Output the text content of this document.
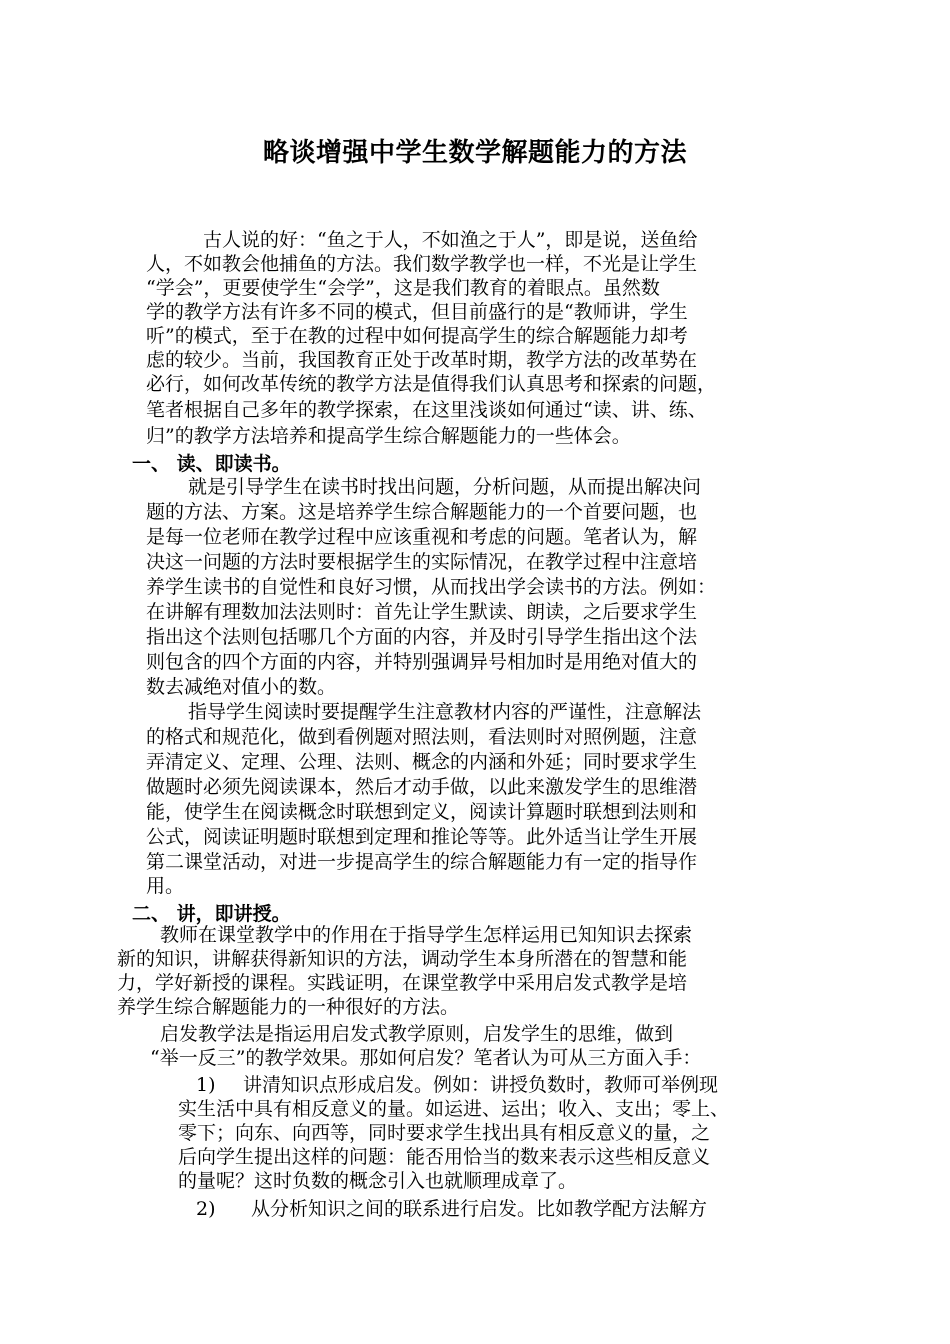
略谈增强中学生数学解题能力的方法
古人说的好：“鱼之于人，不如渔之于人”，即是说，送鱼给
人，不如教会他捕鱼的方法。我们数学教学也一样，不光是让学生
“学会”，更要使学生“会学”，这是我们教育的着眼点。虽然数
学的教学方法有许多不同的模式，但目前盛行的是“教师讲，学生
听”的模式，至于在教的过程中如何提高学生的综合解题能力却考
虑的较少。当前，我国教育正处于改革时期，教学方法的改革势在
必行，如何改革传统的教学方法是值得我们认真思考和探索的问题，
笔者根据自己多年的教学探索，在这里浅谈如何通过“读、讲、练、
归”的教学方法培养和提高学生综合解题能力的一些体会。
一、 读、即读书。
就是引导学生在读书时找出问题，分析问题，从而提出解决问
题的方法、方案。这是培养学生综合解题能力的一个首要问题，也
是每一位老师在教学过程中应该重视和考虑的问题。笔者认为，解
决这一问题的方法时要根据学生的实际情况，在教学过程中注意培
养学生读书的自觉性和良好习惯，从而找出学会读书的方法。例如：
在讲解有理数加法法则时：首先让学生默读、朗读，之后要求学生
指出这个法则包括哪几个方面的内容，并及时引导学生指出这个法
则包含的四个方面的内容，并特别强调异号相加时是用绝对值大的
数去减绝对值小的数。
指导学生阅读时要提醒学生注意教材内容的严谨性，注意解法
的格式和规范化，做到看例题对照法则，看法则时对照例题，注意
弄清定义、定理、公理、法则、概念的内涵和外延；同时要求学生
做题时必须先阅读课本，然后才动手做，以此来激发学生的思维潜
能，使学生在阅读概念时联想到定义，阅读计算题时联想到法则和
公式，阅读证明题时联想到定理和推论等等。此外适当让学生开展
第二课堂活动，对进一步提高学生的综合解题能力有一定的指导作
用。
二、 讲，即讲授。
教师在课堂教学中的作用在于指导学生怎样运用已知知识去探索
新的知识，讲解获得新知识的方法，调动学生本身所潜在的智慧和能
力，学好新授的课程。实践证明，在课堂教学中采用启发式教学是培
养学生综合解题能力的一种很好的方法。
启发教学法是指运用启发式教学原则，启发学生的思维，做到
“举一反三”的教学效果。那如何启发？笔者认为可从三方面入手：
1) 讲清知识点形成启发。例如：讲授负数时，教师可举例现
实生活中具有相反意义的量。如运进、运出；收入、支出；零上、
零下；向东、向西等，同时要求学生找出具有相反意义的量，之
后向学生提出这样的问题：能否用恰当的数来表示这些相反意义
的量呢？这时负数的概念引入也就顺理成章了。
2) 从分析知识之间的联系进行启发。比如教学配方法解方
